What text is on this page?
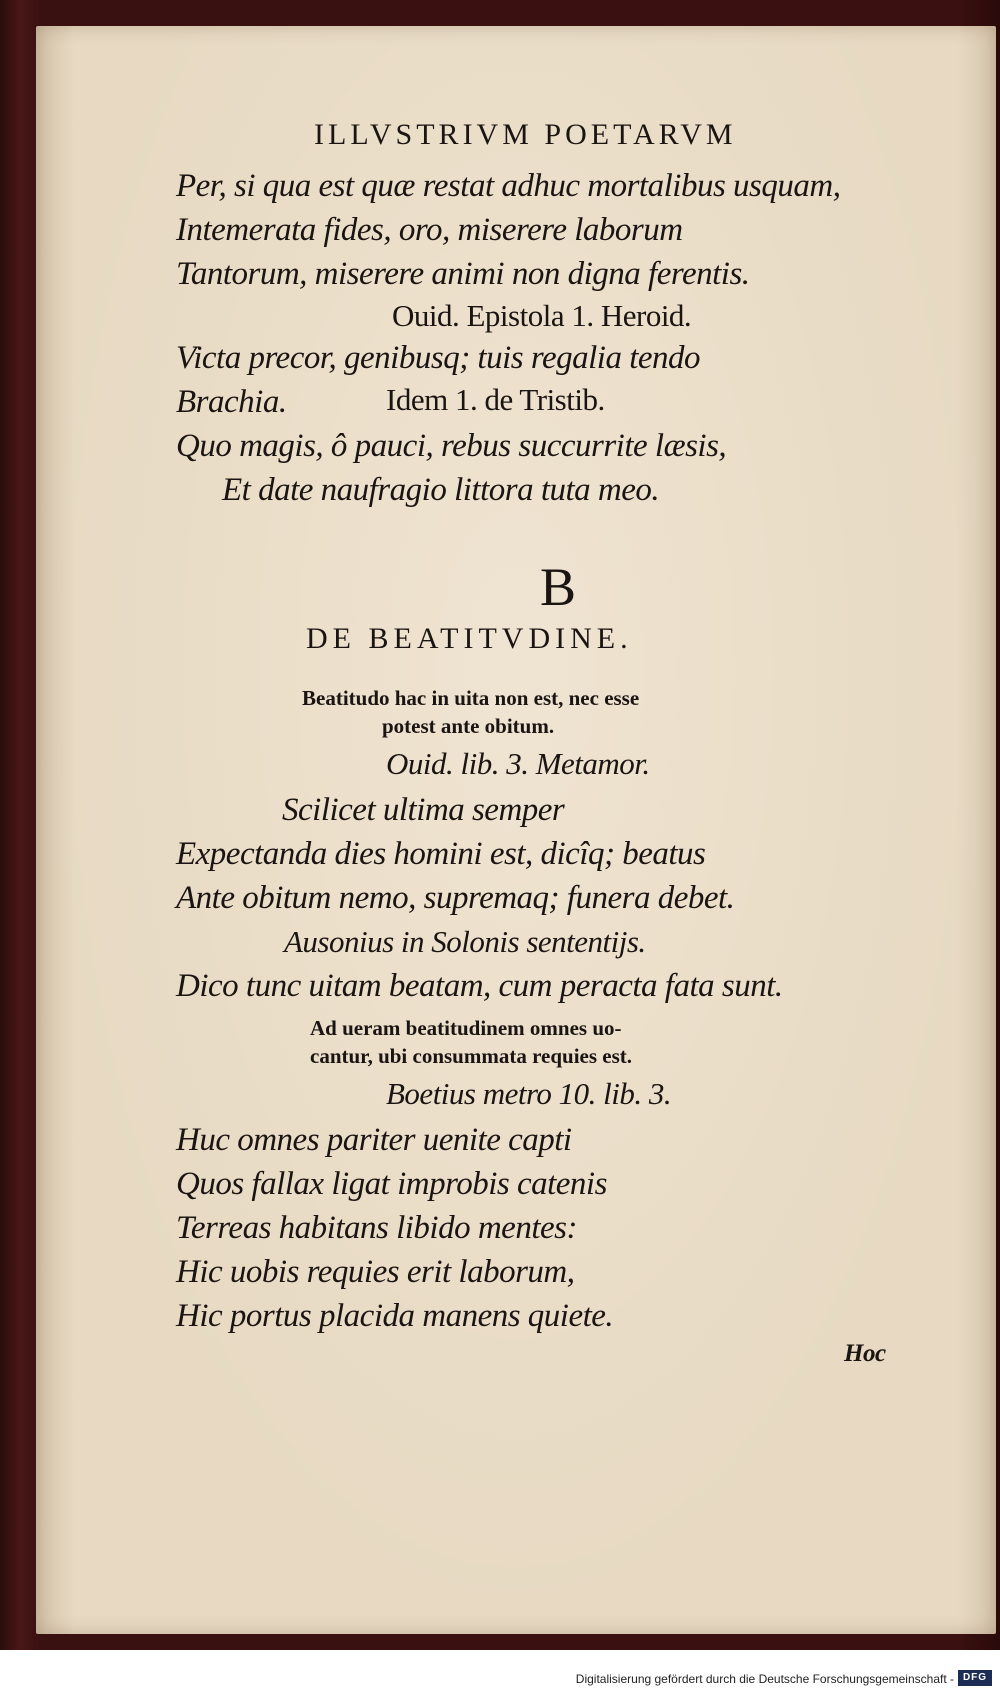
ILLVSTRIVM POETARVM
Per, si qua est quæ restat adhuc mortalibus usquam,
Intemerata fides, oro, miserere laborum
Tantorum, miserere animi non digna ferentis.
Ouid. Epistola 1. Heroid.
Victa precor, genibusq; tuis regalia tendo
Brachia.	Idem 1. de Tristib.
Quo magis, ô pauci, rebus succurrite læsis,
Et date naufragio littora tuta meo.
B
DE BEATITVDINE.
Beatitudo hac in uita non est, nec esse
potest ante obitum.
Ouid. lib. 3. Metamor.
Scilicet ultima semper
Expectanda dies homini est, dicîq; beatus
Ante obitum nemo, supremaq; funera debet.
Ausonius in Solonis sententijs.
Dico tunc uitam beatam, cum peracta fata sunt.
Ad ueram beatitudinem omnes uo-
cantur, ubi consummata requies est.
Boetius metro 10. lib. 3.
Huc omnes pariter uenite capti
Quos fallax ligat improbis catenis
Terreas habitans libido mentes:
Hic uobis requies erit laborum,
Hic portus placida manens quiete.
Hoc
Digitalisierung gefördert durch die Deutsche Forschungsgemeinschaft - DFG
